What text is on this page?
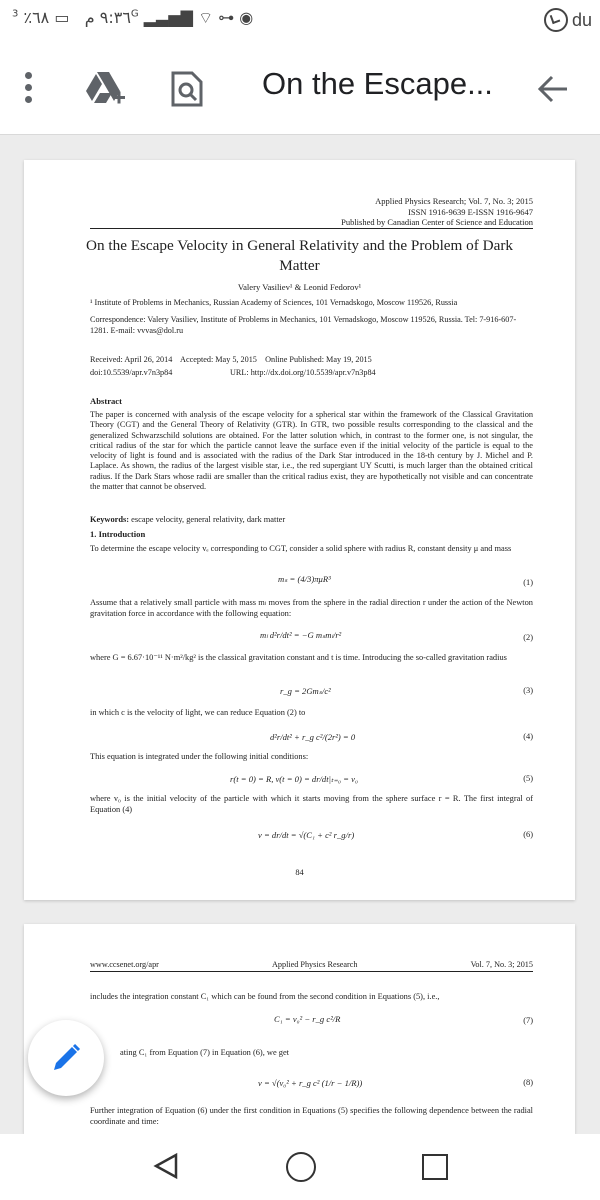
٩:٣٦ م   ▭ ٦٨٪ $^{3G}$ ▂▃▅▇ ⌔ ⊶ ◉	du
On the Escape...
Applied Physics Research; Vol. 7, No. 3; 2015
ISSN 1916-9639 E-ISSN 1916-9647
Published by Canadian Center of Science and Education
On the Escape Velocity in General Relativity and the Problem of Dark Matter
Valery Vasiliev¹ & Leonid Fedorov¹
¹ Institute of Problems in Mechanics, Russian Academy of Sciences, 101 Vernadskogo, Moscow 119526, Russia
Correspondence: Valery Vasiliev, Institute of Problems in Mechanics, 101 Vernadskogo, Moscow 119526, Russia. Tel: 7-916-607-1281. E-mail: vvvas@dol.ru
Received: April 26, 2014    Accepted: May 5, 2015    Online Published: May 19, 2015
doi:10.5539/apr.v7n3p84	URL: http://dx.doi.org/10.5539/apr.v7n3p84
Abstract
The paper is concerned with analysis of the escape velocity for a spherical star within the framework of the Classical Gravitation Theory (CGT) and the General Theory of Relativity (GTR). In GTR, two possible results corresponding to the classical and the generalized Schwarzschild solutions are obtained. For the latter solution which, in contrast to the former one, is not singular, the critical radius of the star for which the particle cannot leave the surface even if the initial velocity of the particle is equal to the velocity of light is found and is associated with the radius of the Dark Star introduced in the 18-th century by J. Michel and P. Laplace. As shown, the radius of the largest visible star, i.e., the red supergiant UY Scutti, is much larger than the obtained critical radius. If the Dark Stars whose radii are smaller than the critical radius exist, they are hypothetically not visible and can concentrate the matter that cannot be observed.
Keywords: escape velocity, general relativity, dark matter
1. Introduction
To determine the escape velocity vₑ corresponding to CGT, consider a solid sphere with radius R, constant density μ and mass
mₛ = (4/3)πμR³	(1)
Assume that a relatively small particle with mass mₗ moves from the sphere in the radial direction r under the action of the Newton gravitation force in accordance with the following equation:
mₗ d²r/dt² = −G mₛmₗ/r²	(2)
where G = 6.67·10⁻¹¹ N·m²/kg² is the classical gravitation constant and t is time. Introducing the so-called gravitation radius
r_g = 2Gmₛ/c²	(3)
in which c is the velocity of light, we can reduce Equation (2) to
d²r/dt² + r_g c²/(2r²) = 0	(4)
This equation is integrated under the following initial conditions:
r(t = 0) = R, v(t = 0) = dr/dt|ₜ₌₀ = v₀	(5)
where v₀ is the initial velocity of the particle with which it starts moving from the sphere surface r = R. The first integral of Equation (4)
v = dr/dt = √(C₁ + c² r_g/r)	(6)
84
www.ccsenet.org/apr	Applied Physics Research	Vol. 7, No. 3; 2015
includes the integration constant C₁ which can be found from the second condition in Equations (5), i.e.,
C₁ = v₀² − r_g c²/R	(7)
ating C₁ from Equation (7) in Equation (6), we get
v = √(v₀² + r_g c² (1/r − 1/R))	(8)
Further integration of Equation (6) under the first condition in Equations (5) specifies the following dependence between the radial coordinate and time:
